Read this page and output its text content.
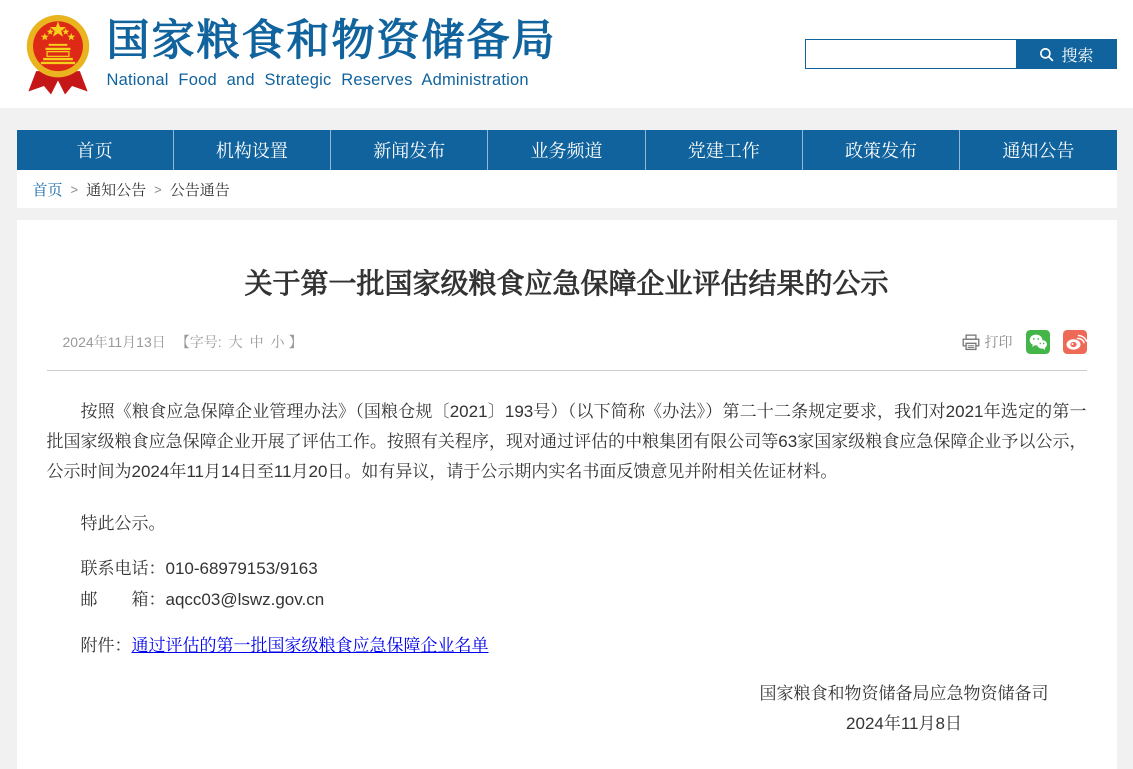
国家粮食和物资储备局
National Food and Strategic Reserves Administration
搜索
首页	机构设置	新闻发布	业务频道	党建工作	政策发布	通知公告
首页 > 通知公告 > 公告通告
关于第一批国家级粮食应急保障企业评估结果的公示
2024年11月13日 【字号: 大 中 小 】	打印

按照《粮食应急保障企业管理办法》（国粮仓规〔2021〕193号）（以下简称《办法》）第二十二条规定要求，我们对2021年选定的第一批国家级粮食应急保障企业开展了评估工作。按照有关程序，现对通过评估的中粮集团有限公司等63家国家级粮食应急保障企业予以公示，公示时间为2024年11月14日至11月20日。如有异议，请于公示期内实名书面反馈意见并附相关佐证材料。

特此公示。

联系电话：010-68979153/9163
邮　　箱：aqcc03@lswz.gov.cn
附件：通过评估的第一批国家级粮食应急保障企业名单
国家粮食和物资储备局应急物资储备司
2024年11月8日
